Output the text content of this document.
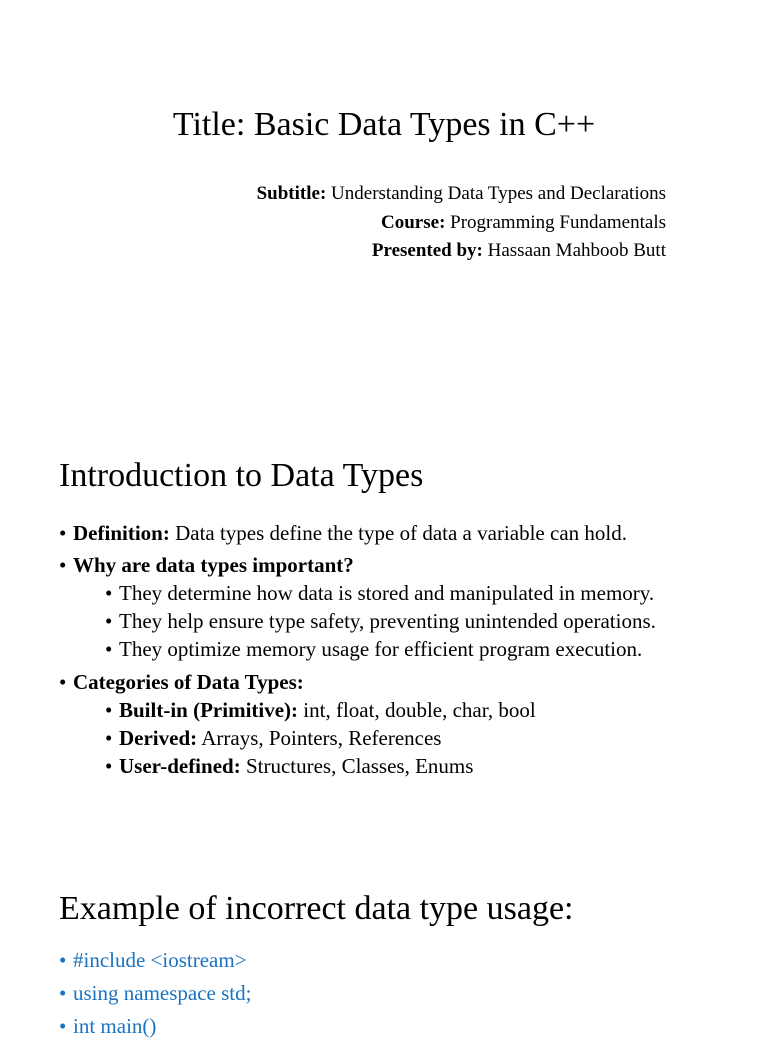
Title: Basic Data Types in C++
Subtitle: Understanding Data Types and Declarations
Course: Programming Fundamentals
Presented by: Hassaan Mahboob Butt
Introduction to Data Types
• Definition: Data types define the type of data a variable can hold.
• Why are data types important?
• They determine how data is stored and manipulated in memory.
• They help ensure type safety, preventing unintended operations.
• They optimize memory usage for efficient program execution.
• Categories of Data Types:
• Built-in (Primitive): int, float, double, char, bool
• Derived: Arrays, Pointers, References
• User-defined: Structures, Classes, Enums
Example of incorrect data type usage:
• #include <iostream>
• using namespace std;
• int main()
